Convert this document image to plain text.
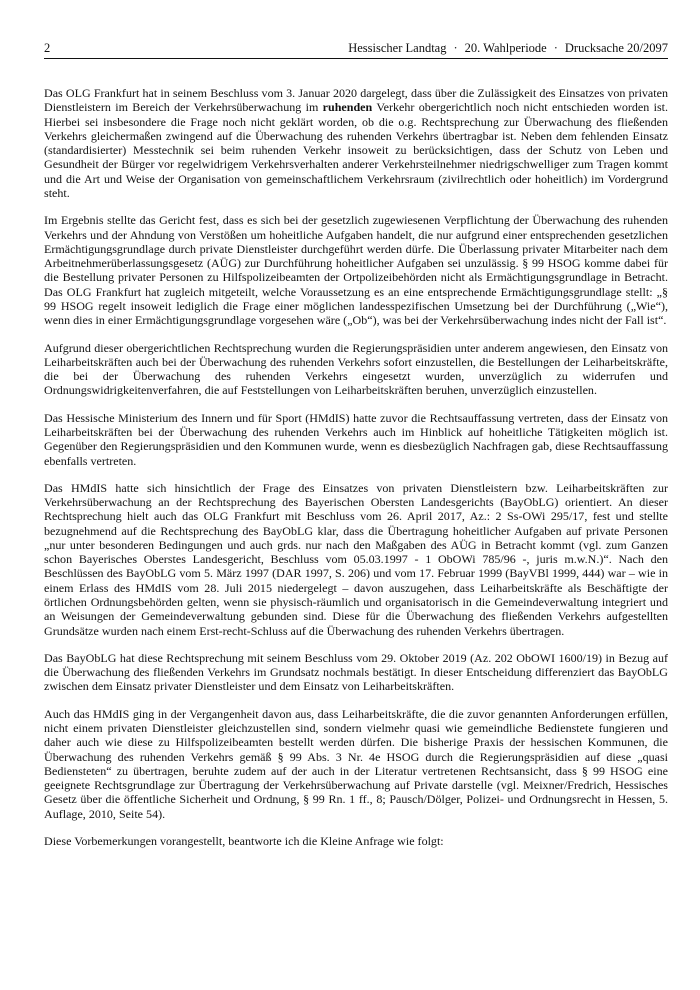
2	Hessischer Landtag · 20. Wahlperiode · Drucksache 20/2097

Das OLG Frankfurt hat in seinem Beschluss vom 3. Januar 2020 dargelegt, dass über die Zulässigkeit des Einsatzes von privaten Dienstleistern im Bereich der Verkehrsüberwachung im ruhenden Verkehr obergerichtlich noch nicht entschieden worden ist. Hierbei sei insbesondere die Frage noch nicht geklärt worden, ob die o.g. Rechtsprechung zur Überwachung des fließenden Verkehrs gleichermaßen zwingend auf die Überwachung des ruhenden Verkehrs übertragbar ist. Neben dem fehlenden Einsatz (standardisierter) Messtechnik sei beim ruhenden Verkehr insoweit zu berücksichtigen, dass der Schutz von Leben und Gesundheit der Bürger vor regelwidrigem Verkehrsverhalten anderer Verkehrsteilnehmer niedrigschwelliger zum Tragen kommt und die Art und Weise der Organisation von gemeinschaftlichem Verkehrsraum (zivilrechtlich oder hoheitlich) im Vordergrund steht.

Im Ergebnis stellte das Gericht fest, dass es sich bei der gesetzlich zugewiesenen Verpflichtung der Überwachung des ruhenden Verkehrs und der Ahndung von Verstößen um hoheitliche Aufgaben handelt, die nur aufgrund einer entsprechenden gesetzlichen Ermächtigungsgrundlage durch private Dienstleister durchgeführt werden dürfe. Die Überlassung privater Mitarbeiter nach dem Arbeitnehmerüberlassungsgesetz (AÜG) zur Durchführung hoheitlicher Aufgaben sei unzulässig. § 99 HSOG komme dabei für die Bestellung privater Personen zu Hilfspolizeibeamten der Ortpolizeibehörden nicht als Ermächtigungsgrundlage in Betracht. Das OLG Frankfurt hat zugleich mitgeteilt, welche Voraussetzung es an eine entsprechende Ermächtigungsgrundlage stellt: „§ 99 HSOG regelt insoweit lediglich die Frage einer möglichen landesspezifischen Umsetzung bei der Durchführung („Wie“), wenn dies in einer Ermächtigungsgrundlage vorgesehen wäre („Ob“), was bei der Verkehrsüberwachung indes nicht der Fall ist“.

Aufgrund dieser obergerichtlichen Rechtsprechung wurden die Regierungspräsidien unter anderem angewiesen, den Einsatz von Leiharbeitskräften auch bei der Überwachung des ruhenden Verkehrs sofort einzustellen, die Bestellungen der Leiharbeitskräfte, die bei der Überwachung des ruhenden Verkehrs eingesetzt wurden, unverzüglich zu widerrufen und Ordnungswidrigkeitenverfahren, die auf Feststellungen von Leiharbeitskräften beruhen, unverzüglich einzustellen.

Das Hessische Ministerium des Innern und für Sport (HMdIS) hatte zuvor die Rechtsauffassung vertreten, dass der Einsatz von Leiharbeitskräften bei der Überwachung des ruhenden Verkehrs auch im Hinblick auf hoheitliche Tätigkeiten möglich ist. Gegenüber den Regierungspräsidien und den Kommunen wurde, wenn es diesbezüglich Nachfragen gab, diese Rechtsauffassung ebenfalls vertreten.

Das HMdIS hatte sich hinsichtlich der Frage des Einsatzes von privaten Dienstleistern bzw. Leiharbeitskräften zur Verkehrsüberwachung an der Rechtsprechung des Bayerischen Obersten Landesgerichts (BayObLG) orientiert. An dieser Rechtsprechung hielt auch das OLG Frankfurt mit Beschluss vom 26. April 2017, Az.: 2 Ss-OWi 295/17, fest und stellte bezugnehmend auf die Rechtsprechung des BayObLG klar, dass die Übertragung hoheitlicher Aufgaben auf private Personen „nur unter besonderen Bedingungen und auch grds. nur nach den Maßgaben des AÜG in Betracht kommt (vgl. zum Ganzen schon Bayerisches Oberstes Landesgericht, Beschluss vom 05.03.1997 - 1 ObOWi 785/96 -, juris m.w.N.)“. Nach den Beschlüssen des BayObLG vom 5. März 1997 (DAR 1997, S. 206) und vom 17. Februar 1999 (BayVBl 1999, 444) war – wie in einem Erlass des HMdIS vom 28. Juli 2015 niedergelegt – davon auszugehen, dass Leiharbeitskräfte als Beschäftigte der örtlichen Ordnungsbehörden gelten, wenn sie physisch-räumlich und organisatorisch in die Gemeindeverwaltung integriert und an Weisungen der Gemeindeverwaltung gebunden sind. Diese für die Überwachung des fließenden Verkehrs aufgestellten Grundsätze wurden nach einem Erst-recht-Schluss auf die Überwachung des ruhenden Verkehrs übertragen.

Das BayObLG hat diese Rechtsprechung mit seinem Beschluss vom 29. Oktober 2019 (Az. 202 ObOWI 1600/19) in Bezug auf die Überwachung des fließenden Verkehrs im Grundsatz nochmals bestätigt. In dieser Entscheidung differenziert das BayObLG zwischen dem Einsatz privater Dienstleister und dem Einsatz von Leiharbeitskräften.

Auch das HMdIS ging in der Vergangenheit davon aus, dass Leiharbeitskräfte, die die zuvor genannten Anforderungen erfüllen, nicht einem privaten Dienstleister gleichzustellen sind, sondern vielmehr quasi wie gemeindliche Bedienstete fungieren und daher auch wie diese zu Hilfspolizeibeamten bestellt werden dürfen. Die bisherige Praxis der hessischen Kommunen, die Überwachung des ruhenden Verkehrs gemäß § 99 Abs. 3 Nr. 4e HSOG durch die Regierungspräsidien auf diese „quasi Bediensteten“ zu übertragen, beruhte zudem auf der auch in der Literatur vertretenen Rechtsansicht, dass § 99 HSOG eine geeignete Rechtsgrundlage zur Übertragung der Verkehrsüberwachung auf Private darstelle (vgl. Meixner/Fredrich, Hessisches Gesetz über die öffentliche Sicherheit und Ordnung, § 99 Rn. 1 ff., 8; Pausch/Dölger, Polizei- und Ordnungsrecht in Hessen, 5. Auflage, 2010, Seite 54).

Diese Vorbemerkungen vorangestellt, beantworte ich die Kleine Anfrage wie folgt:
